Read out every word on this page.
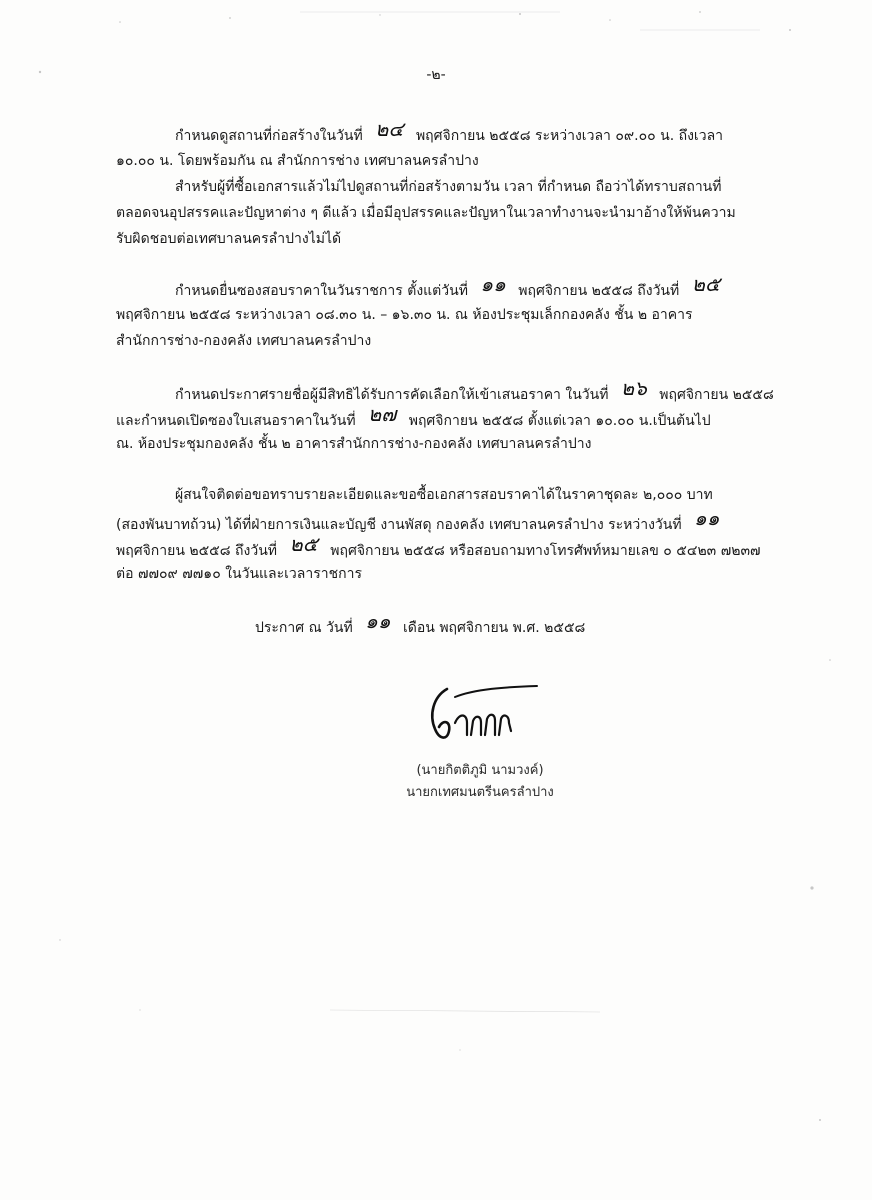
-๒-
กำหนดดูสถานที่ก่อสร้างในวันที่ ๒๔ พฤศจิกายน ๒๕๕๘ ระหว่างเวลา ๐๙.๐๐ น. ถึงเวลา
๑๐.๐๐ น. โดยพร้อมกัน ณ สำนักการช่าง เทศบาลนครลำปาง
สำหรับผู้ที่ซื้อเอกสารแล้วไม่ไปดูสถานที่ก่อสร้างตามวัน เวลา ที่กำหนด ถือว่าได้ทราบสถานที่
ตลอดจนอุปสรรคและปัญหาต่าง ๆ ดีแล้ว เมื่อมีอุปสรรคและปัญหาในเวลาทำงานจะนำมาอ้างให้พ้นความ
รับผิดชอบต่อเทศบาลนครลำปางไม่ได้
กำหนดยื่นซองสอบราคาในวันราชการ ตั้งแต่วันที่ ๑๑ พฤศจิกายน ๒๕๕๘ ถึงวันที่ ๒๕
พฤศจิกายน ๒๕๕๘ ระหว่างเวลา ๐๘.๓๐ น. – ๑๖.๓๐ น. ณ ห้องประชุมเล็กกองคลัง ชั้น ๒ อาคาร
สำนักการช่าง-กองคลัง เทศบาลนครลำปาง
กำหนดประกาศรายชื่อผู้มีสิทธิได้รับการคัดเลือกให้เข้าเสนอราคา ในวันที่ ๒๖ พฤศจิกายน ๒๕๕๘
และกำหนดเปิดซองใบเสนอราคาในวันที่ ๒๗ พฤศจิกายน ๒๕๕๘ ตั้งแต่เวลา ๑๐.๐๐ น.เป็นต้นไป
ณ. ห้องประชุมกองคลัง ชั้น ๒ อาคารสำนักการช่าง-กองคลัง เทศบาลนครลำปาง
ผู้สนใจติดต่อขอทราบรายละเอียดและขอซื้อเอกสารสอบราคาได้ในราคาชุดละ ๒,๐๐๐ บาท
(สองพันบาทถ้วน) ได้ที่ฝ่ายการเงินและบัญชี งานพัสดุ กองคลัง เทศบาลนครลำปาง ระหว่างวันที่ ๑๑
พฤศจิกายน ๒๕๕๘ ถึงวันที่ ๒๕ พฤศจิกายน ๒๕๕๘ หรือสอบถามทางโทรศัพท์หมายเลข ๐ ๕๔๒๓ ๗๒๓๗
ต่อ ๗๗๐๙ ๗๗๑๐ ในวันและเวลาราชการ
ประกาศ ณ วันที่ ๑๑ เดือน พฤศจิกายน พ.ศ. ๒๕๕๘
(นายกิตติภูมิ นามวงค์)
นายกเทศมนตรีนครลำปาง
